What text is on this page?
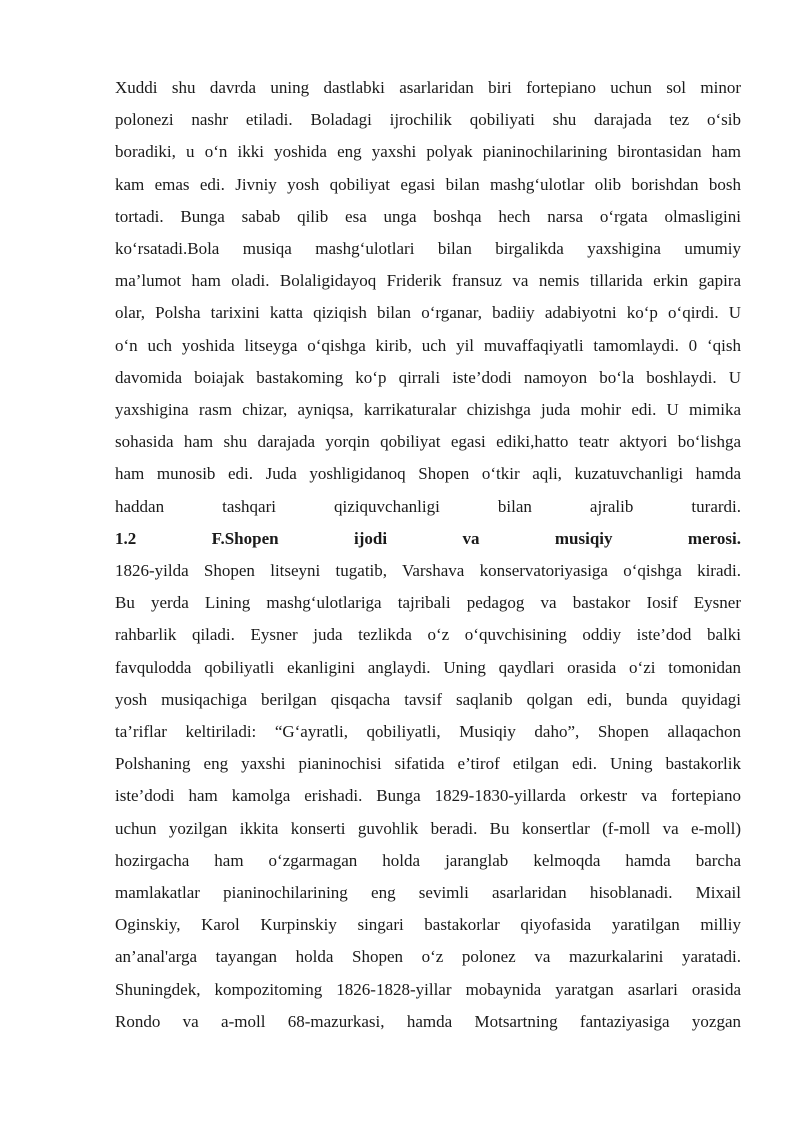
Xuddi shu davrda uning dastlabki asarlaridan biri fortepiano uchun sol minor

polonezi nashr etiladi. Boladagi ijrochilik qobiliyati shu darajada tez o‘sib

boradiki, u o‘n ikki yoshida eng yaxshi polyak pianinochilarining birontasidan ham

kam emas edi. Jivniy yosh qobiliyat egasi bilan mashg‘ulotlar olib borishdan bosh

tortadi. Bunga sabab qilib esa unga boshqa hech narsa o‘rgata olmasligini

ko‘rsatadi.Bola musiqa mashg‘ulotlari bilan birgalikda yaxshigina umumiy

ma’lumot ham oladi. Bolaligidayoq Friderik fransuz va nemis tillarida erkin gapira

olar, Polsha tarixini katta qiziqish bilan o‘rganar, badiiy adabiyotni ko‘p o‘qirdi. U

o‘n uch yoshida litseyga o‘qishga kirib, uch yil muvaffaqiyatli tamomlaydi. 0 ‘qish

davomida boiajak bastakoming ko‘p qirrali iste’dodi namoyon bo‘la boshlaydi. U

yaxshigina rasm chizar, ayniqsa, karrikaturalar chizishga juda mohir edi. U mimika

sohasida ham shu darajada yorqin qobiliyat egasi ediki,hatto teatr aktyori bo‘lishga

ham munosib edi. Juda yoshligidanoq Shopen o‘tkir aqli, kuzatuvchanligi hamda

haddan tashqari qiziquvchanligi bilan ajralib turardi.

1.2	F.Shopen	ijodi	va	musiqiy	merosi.

1826-yilda Shopen litseyni tugatib, Varshava konservatoriyasiga o‘qishga kiradi.

Bu yerda Lining mashg‘ulotlariga tajribali pedagog va bastakor Iosif Eysner

rahbarlik qiladi. Eysner juda tezlikda o‘z o‘quvchisining oddiy iste’dod balki

favqulodda qobiliyatli ekanligini anglaydi. Uning qaydlari orasida o‘zi tomonidan

yosh musiqachiga berilgan qisqacha tavsif saqlanib qolgan edi, bunda quyidagi

ta’riflar keltiriladi: “G‘ayratli, qobiliyatli, Musiqiy daho”, Shopen allaqachon

Polshaning eng yaxshi pianinochisi sifatida e’tirof etilgan edi. Uning bastakorlik

iste’dodi ham kamolga erishadi. Bunga 1829-1830-yillarda orkestr va fortepiano

uchun yozilgan ikkita konserti guvohlik beradi. Bu konsertlar (f-moll va e-moll)

hozirgacha ham o‘zgarmagan holda jaranglab kelmoqda hamda barcha

mamlakatlar pianinochilarining eng sevimli asarlaridan hisoblanadi. Mixail

Oginskiy, Karol Kurpinskiy singari bastakorlar qiyofasida yaratilgan milliy

an’anal'arga tayangan holda Shopen o‘z polonez va mazurkalarini yaratadi.

Shuningdek, kompozitoming 1826-1828-yillar mobaynida yaratgan asarlari orasida

Rondo va a-moll 68-mazurkasi, hamda Motsartning fantaziyasiga yozgan
